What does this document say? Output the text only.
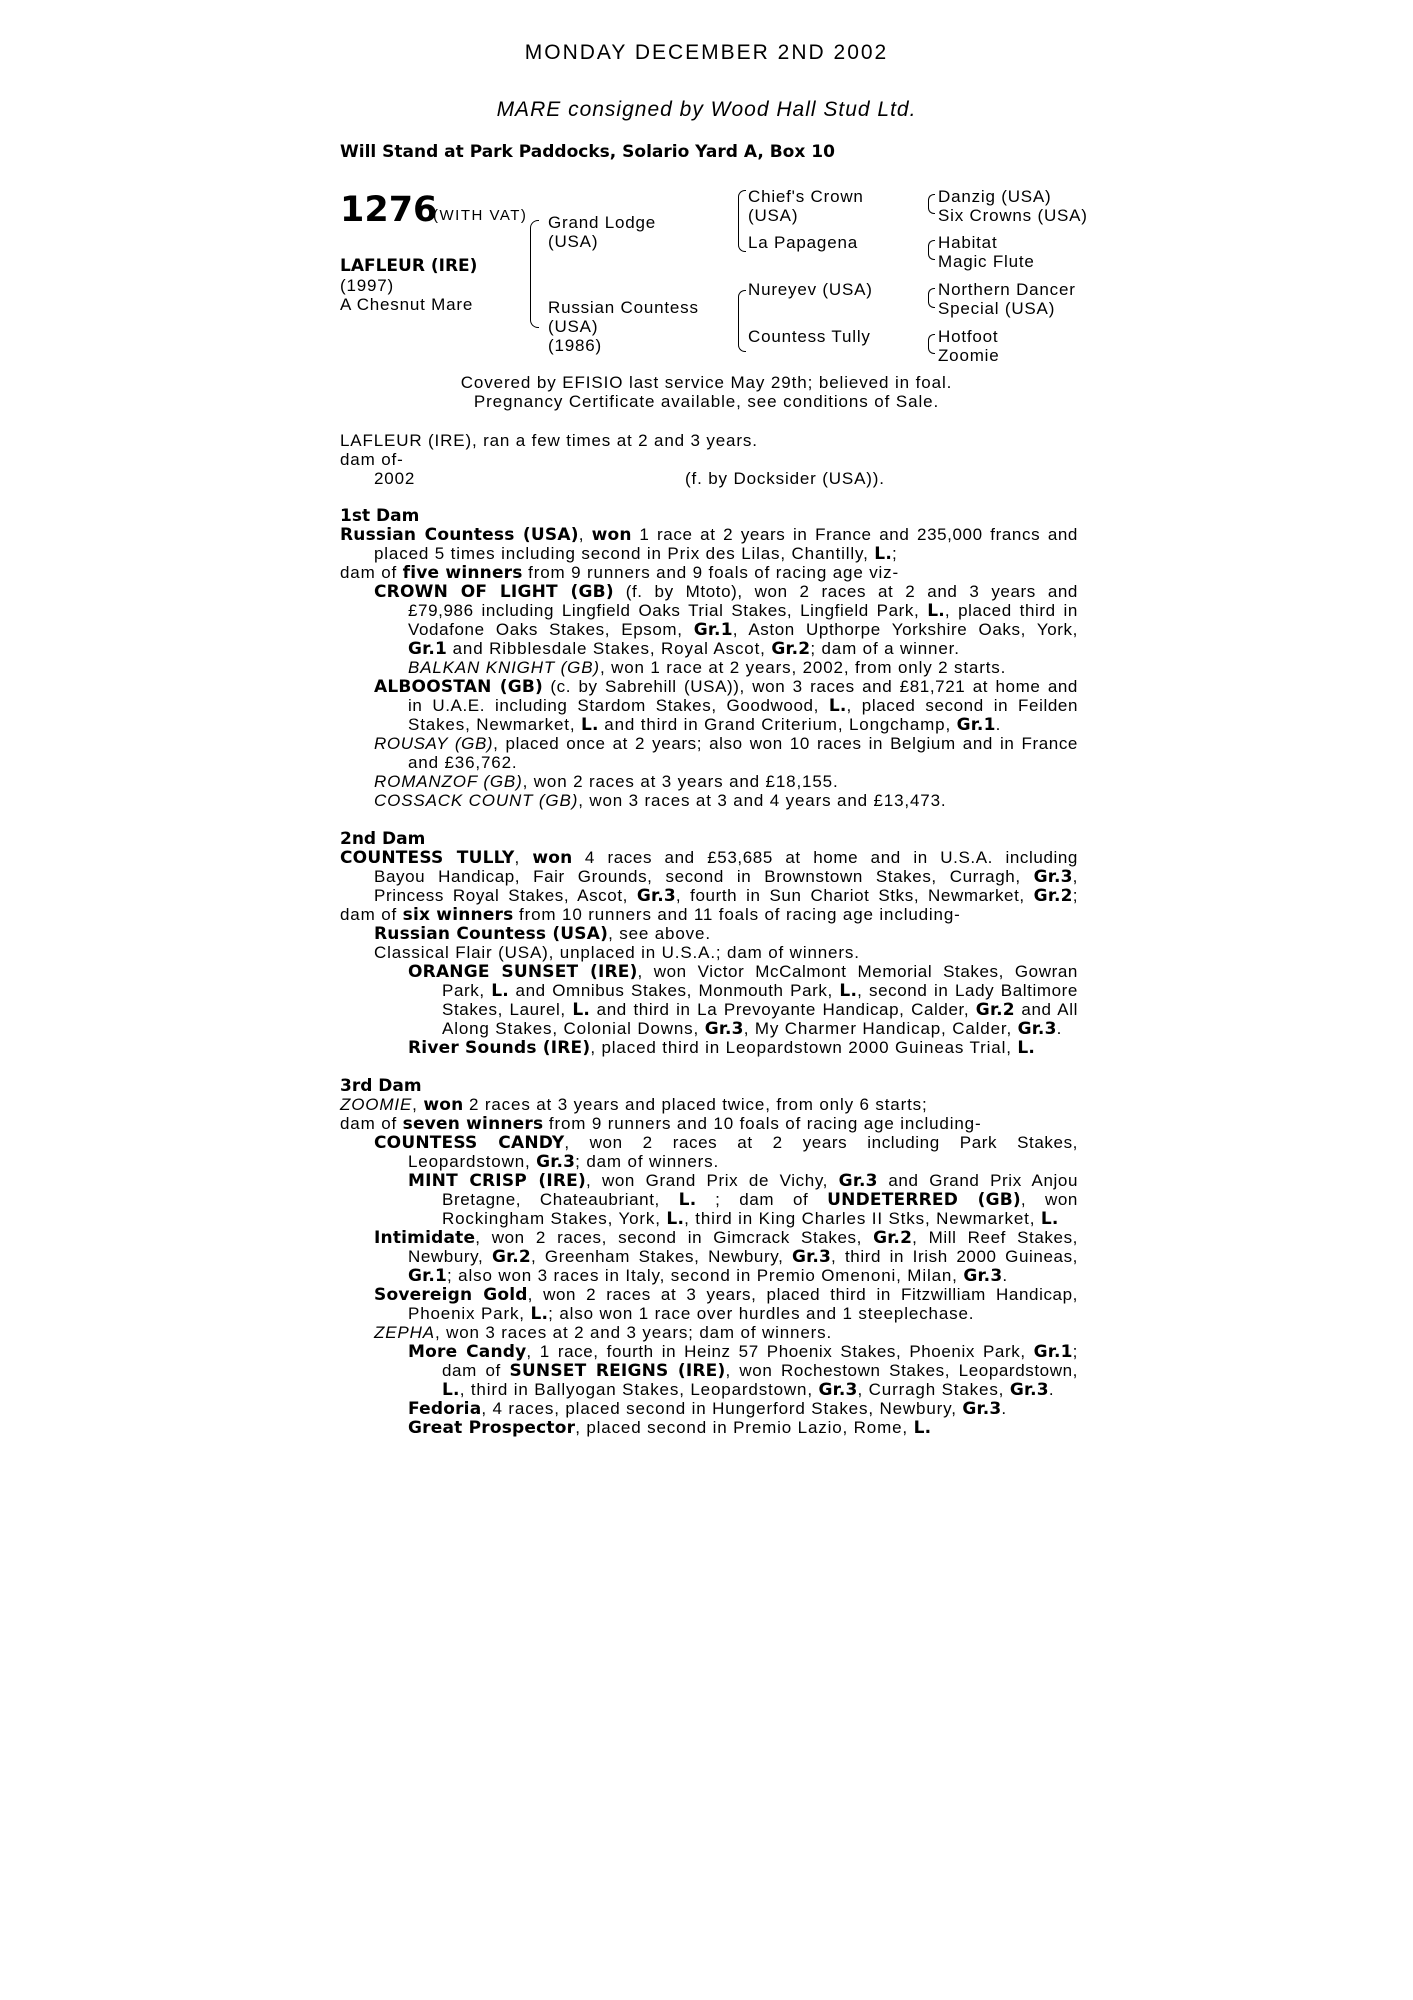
MONDAY DECEMBER 2ND 2002
MARE consigned by Wood Hall Stud Ltd.
Will Stand at Park Paddocks, Solario Yard A, Box 10
1276
(WITH VAT)
LAFLEUR (IRE)
(1997)
A Chesnut Mare
Grand Lodge
(USA)
Russian Countess
(USA)
(1986)
Chief's Crown
(USA)
La Papagena
Nureyev (USA)
Countess Tully
Danzig (USA)
Six Crowns (USA)
Habitat
Magic Flute
Northern Dancer
Special (USA)
Hotfoot
Zoomie
Covered by EFISIO last service May 29th; believed in foal.
Pregnancy Certificate available, see conditions of Sale.
LAFLEUR (IRE), ran a few times at 2 and 3 years.
dam of-
2002	(f. by Docksider (USA)).
1st Dam
Russian Countess (USA), won 1 race at 2 years in France and 235,000 francs and
placed 5 times including second in Prix des Lilas, Chantilly, L.;
dam of five winners from 9 runners and 9 foals of racing age viz-
CROWN OF LIGHT (GB) (f. by Mtoto), won 2 races at 2 and 3 years and
£79,986 including Lingfield Oaks Trial Stakes, Lingfield Park, L., placed third in
Vodafone Oaks Stakes, Epsom, Gr.1, Aston Upthorpe Yorkshire Oaks, York,
Gr.1 and Ribblesdale Stakes, Royal Ascot, Gr.2; dam of a winner.
BALKAN KNIGHT (GB), won 1 race at 2 years, 2002, from only 2 starts.
ALBOOSTAN (GB) (c. by Sabrehill (USA)), won 3 races and £81,721 at home and
in U.A.E. including Stardom Stakes, Goodwood, L., placed second in Feilden
Stakes, Newmarket, L. and third in Grand Criterium, Longchamp, Gr.1.
ROUSAY (GB), placed once at 2 years; also won 10 races in Belgium and in France
and £36,762.
ROMANZOF (GB), won 2 races at 3 years and £18,155.
COSSACK COUNT (GB), won 3 races at 3 and 4 years and £13,473.
2nd Dam
COUNTESS TULLY, won 4 races and £53,685 at home and in U.S.A. including
Bayou Handicap, Fair Grounds, second in Brownstown Stakes, Curragh, Gr.3,
Princess Royal Stakes, Ascot, Gr.3, fourth in Sun Chariot Stks, Newmarket, Gr.2;
dam of six winners from 10 runners and 11 foals of racing age including-
Russian Countess (USA), see above.
Classical Flair (USA), unplaced in U.S.A.; dam of winners.
ORANGE SUNSET (IRE), won Victor McCalmont Memorial Stakes, Gowran
Park, L. and Omnibus Stakes, Monmouth Park, L., second in Lady Baltimore
Stakes, Laurel, L. and third in La Prevoyante Handicap, Calder, Gr.2 and All
Along Stakes, Colonial Downs, Gr.3, My Charmer Handicap, Calder, Gr.3.
River Sounds (IRE), placed third in Leopardstown 2000 Guineas Trial, L.
3rd Dam
ZOOMIE, won 2 races at 3 years and placed twice, from only 6 starts;
dam of seven winners from 9 runners and 10 foals of racing age including-
COUNTESS CANDY, won 2 races at 2 years including Park Stakes,
Leopardstown, Gr.3; dam of winners.
MINT CRISP (IRE), won Grand Prix de Vichy, Gr.3 and Grand Prix Anjou
Bretagne, Chateaubriant, L. ; dam of UNDETERRED (GB), won
Rockingham Stakes, York, L., third in King Charles II Stks, Newmarket, L.
Intimidate, won 2 races, second in Gimcrack Stakes, Gr.2, Mill Reef Stakes,
Newbury, Gr.2, Greenham Stakes, Newbury, Gr.3, third in Irish 2000 Guineas,
Gr.1; also won 3 races in Italy, second in Premio Omenoni, Milan, Gr.3.
Sovereign Gold, won 2 races at 3 years, placed third in Fitzwilliam Handicap,
Phoenix Park, L.; also won 1 race over hurdles and 1 steeplechase.
ZEPHA, won 3 races at 2 and 3 years; dam of winners.
More Candy, 1 race, fourth in Heinz 57 Phoenix Stakes, Phoenix Park, Gr.1;
dam of SUNSET REIGNS (IRE), won Rochestown Stakes, Leopardstown,
L., third in Ballyogan Stakes, Leopardstown, Gr.3, Curragh Stakes, Gr.3.
Fedoria, 4 races, placed second in Hungerford Stakes, Newbury, Gr.3.
Great Prospector, placed second in Premio Lazio, Rome, L.
